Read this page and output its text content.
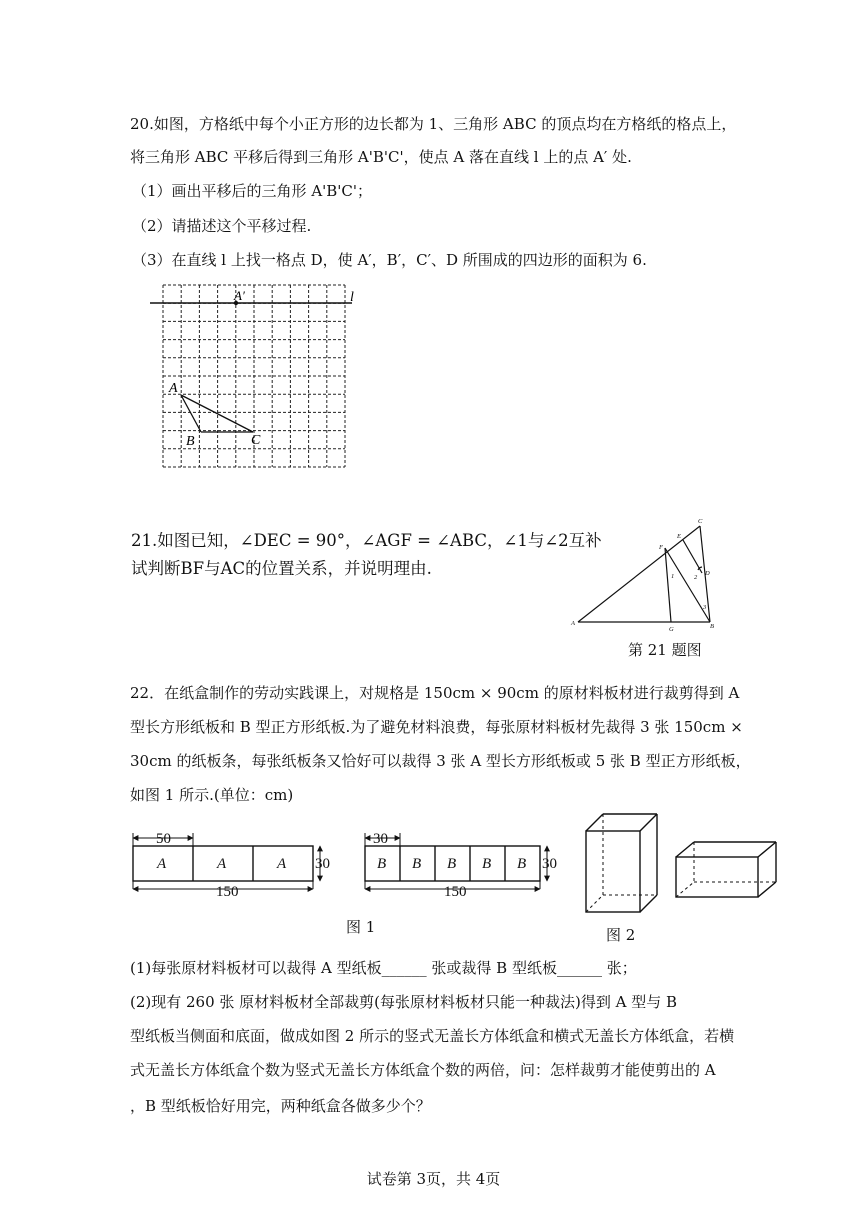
20.如图，方格纸中每个小正方形的边长都为 1、三角形 ABC 的顶点均在方格纸的格点上，
将三角形 ABC 平移后得到三角形 A'B'C'，使点 A 落在直线 l 上的点 A′ 处.
（1）画出平移后的三角形 A'B'C'；
（2）请描述这个平移过程.
（3）在直线 l 上找一格点 D，使 A′，B′，C′、D 所围成的四边形的面积为 6.
A′	l
A
B	C
21.如图已知，∠DEC = 90°，∠AGF = ∠ABC，∠1与∠2互补
试判断BF与AC的位置关系，并说明理由.
C
E
F
D
1	2
3
A
G	B
第 21 题图
22．在纸盒制作的劳动实践课上，对规格是 150cm × 90cm 的原材料板材进行裁剪得到 A
型长方形纸板和 B 型正方形纸板.为了避免材料浪费，每张原材料板材先裁得 3 张 150cm ×
30cm 的纸板条，每张纸板条又恰好可以裁得 3 张 A 型长方形纸板或 5 张 B 型正方形纸板，
如图 1 所示.(单位：cm)
50
150
30
A	A	A
30
150
30
B B B B B
图 1	图 2
(1)每张原材料板材可以裁得 A 型纸板______ 张或裁得 B 型纸板______ 张；
(2)现有 260 张 原材料板材全部裁剪(每张原材料板材只能一种裁法)得到 A 型与 B
型纸板当侧面和底面，做成如图 2 所示的竖式无盖长方体纸盒和横式无盖长方体纸盒，若横
式无盖长方体纸盒个数为竖式无盖长方体纸盒个数的两倍，问：怎样裁剪才能使剪出的 A
，B 型纸板恰好用完，两种纸盒各做多少个？
试卷第 3页，共 4页
